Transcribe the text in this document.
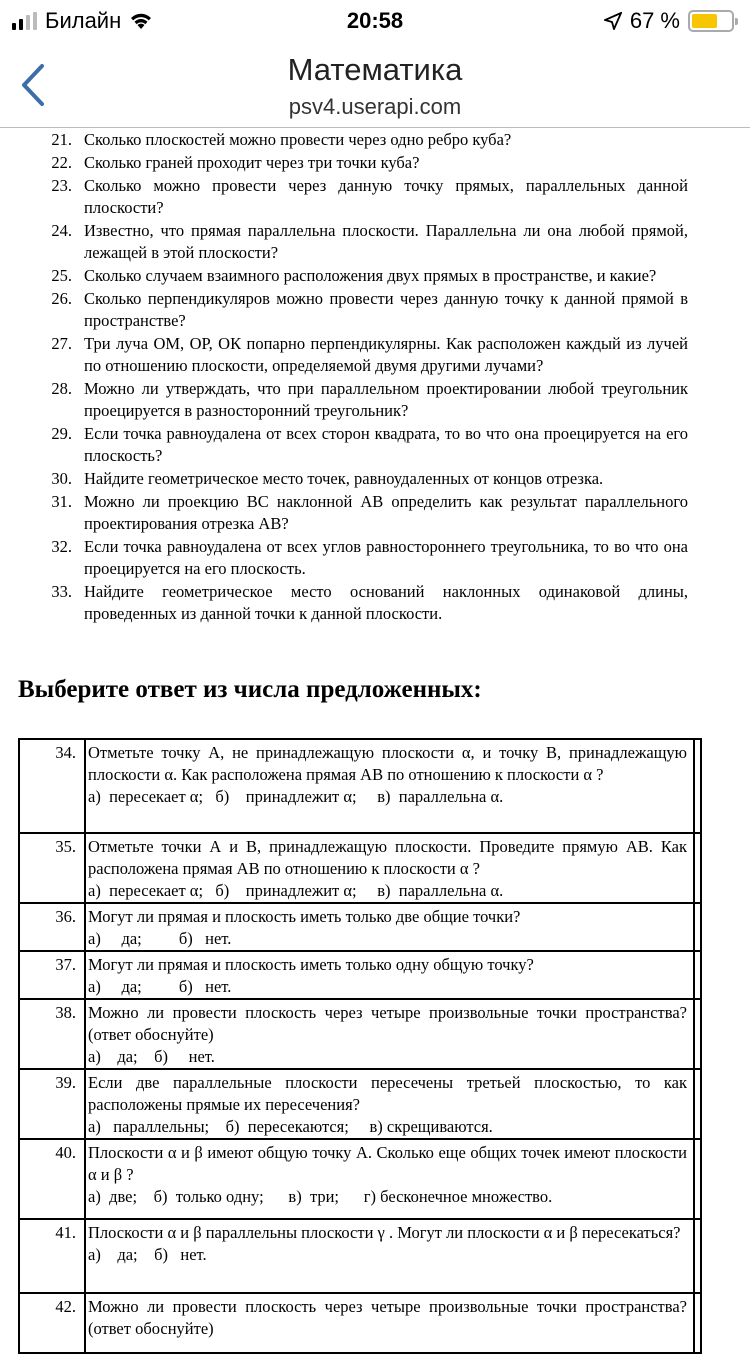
Билайн	20:58	67 %
Математика
psv4.userapi.com
21. Сколько плоскостей можно провести через одно ребро куба?
22. Сколько граней проходит через три точки куба?
23. Сколько можно провести через данную точку прямых, параллельных данной плоскости?
24. Известно, что прямая параллельна плоскости. Параллельна ли она любой прямой, лежащей в этой плоскости?
25. Сколько случаем взаимного расположения двух прямых в пространстве, и какие?
26. Сколько перпендикуляров можно провести через данную точку к данной прямой в пространстве?
27. Три луча ОМ, ОР, ОК попарно перпендикулярны. Как расположен каждый из лучей по отношению плоскости, определяемой двумя другими лучами?
28. Можно ли утверждать, что при параллельном проектировании любой треугольник проецируется в разносторонний треугольник?
29. Если точка равноудалена от всех сторон квадрата, то во что она проецируется на его плоскость?
30. Найдите геометрическое место точек, равноудаленных от концов отрезка.
31. Можно ли проекцию ВС наклонной АВ определить как результат параллельного проектирования отрезка АВ?
32. Если точка равноудалена от всех углов равностороннего треугольника, то во что она проецируется на его плоскость.
33. Найдите геометрическое место оснований наклонных одинаковой длины, проведенных из данной точки к данной плоскости.
Выберите ответ из числа предложенных:
34.	Отметьте точку А, не принадлежащую плоскости α, и точку В, принадлежащую плоскости α. Как расположена прямая АВ по отношению к плоскости α ?
а)  пересекает α;   б)    принадлежит α;     в)  параллельна α.	

35.	Отметьте точки А и В, принадлежащую плоскости. Проведите прямую АВ. Как расположена прямая АВ по отношению к плоскости α ?
а)  пересекает α;   б)    принадлежит α;     в)  параллельна α.	

36.	Могут ли прямая и плоскость иметь только две общие точки?
а)     да;         б)   нет.	

37.	Могут ли прямая и плоскость иметь только одну общую точку?
а)     да;         б)   нет.	

38.	Можно ли провести плоскость через четыре произвольные точки пространства? (ответ обоснуйте)
а)    да;    б)     нет.	

39.	Если две параллельные плоскости пересечены третьей плоскостью, то как расположены прямые их пересечения?
а)   параллельны;    б)  пересекаются;     в) скрещиваются.	

40.	Плоскости α и β имеют общую точку А. Сколько еще общих точек имеют плоскости α и β ?
а)  две;    б)  только одну;      в)  три;      г) бесконечное множество.	

41.	Плоскости α и β параллельны плоскости γ . Могут ли плоскости α и β пересекаться?
а)    да;    б)   нет.	

42.	Можно ли провести плоскость через четыре произвольные точки пространства? (ответ обоснуйте)	
